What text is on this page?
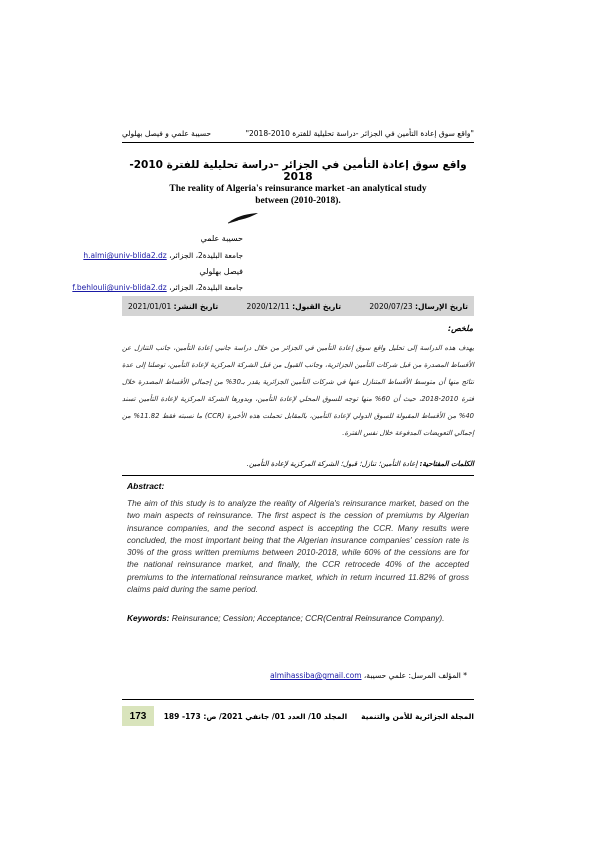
"واقع سوق إعادة التأمين في الجزائر -دراسة تحليلية للفترة 2010-2018"
حسيبة علمي و فيصل بهلولي
واقع سوق إعادة التأمين في الجزائر –دراسة تحليلية للفترة 2010-2018
The reality of Algeria's reinsurance market -an analytical study between (2010-2018).
حسيبة علمي
جامعة البليدة2، الجزائر، h.almi@univ-blida2.dz
فيصل بهلولي
جامعة البليدة2، الجزائر، f.behlouli@univ-blida2.dz
تاريخ الإرسال: 2020/07/23
تاريخ القبول: 2020/12/11
تاريخ النشر: 2021/01/01
ملخص:
يهدف هذه الدراسة إلى تحليل واقع سوق إعادة التأمين في الجزائر من خلال دراسة جانبي إعادة التأمين، جانب التنازل عن الأقساط المصدرة من قبل شركات التأمين الجزائرية، وجانب القبول من قبل الشركة المركزية لإعادة التأمين، توصلنا إلى عدة نتائج منها أن متوسط الأقساط المتنازل عنها في شركات التأمين الجزائرية يقدر بـ30% من إجمالي الأقساط المصدرة خلال فترة 2010-2018، حيث أن 60% منها توجه للسوق المحلي لإعادة التأمين، وبدورها الشركة المركزية لإعادة التأمين تسند 40% من الأقساط المقبولة للسوق الدولي لإعادة التأمين، بالمقابل تحملت هذه الأخيرة (CCR) ما نسبته فقط 11.82% من إجمالي التعويضات المدفوعة خلال نفس الفترة.
الكلمات المفتاحية: إعادة التأمين؛ تنازل؛ قبول؛ الشركة المركزية لإعادة التأمين.
Abstract:
The aim of this study is to analyze the reality of Algeria's reinsurance market, based on the two main aspects of reinsurance. The first aspect is the cession of premiums by Algerian insurance companies, and the second aspect is accepting the CCR. Many results were concluded, the most important being that the Algerian insurance companies' cession rate is 30% of the gross written premiums between 2010-2018, while 60% of the cessions are for the national reinsurance market, and finally, the CCR retrocede 40% of the accepted premiums to the international reinsurance market, which in return incurred 11.82% of gross claims paid during the same period.
Keywords: Reinsurance; Cession; Acceptance; CCR(Central Reinsurance Company).
* المؤلف المرسل: علمي حسيبة، almihassiba@gmail.com
المجلة الجزائرية للأمن والتنمية
المجلد 10/ العدد 01/ جانفي 2021/ ص: 173- 189
173
